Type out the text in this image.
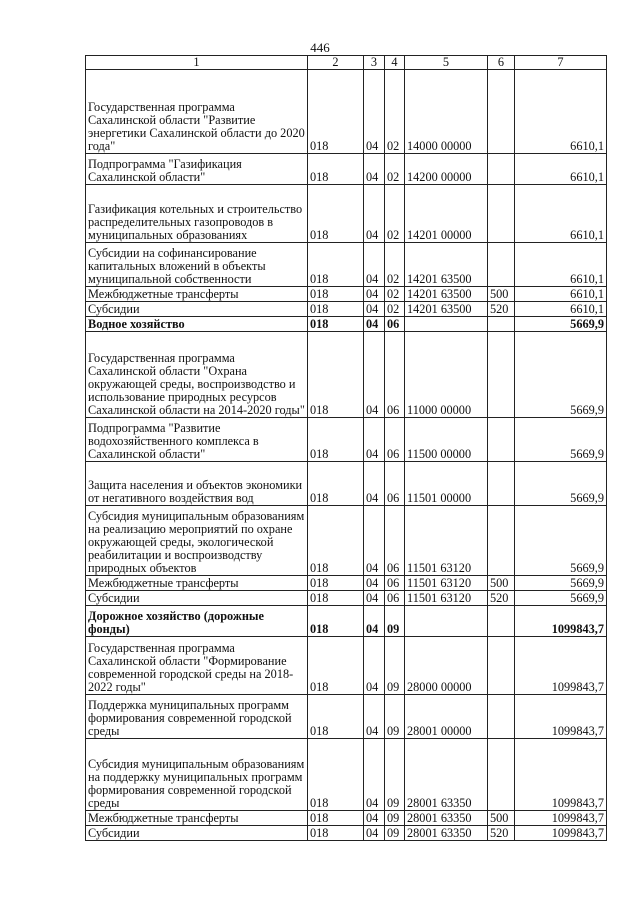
446
1	2	3	4	5	6	7
Государственная программа Сахалинской области "Развитие энергетики Сахалинской области до 2020 года"	018	04	02	14000 00000		6610,1
Подпрограмма "Газификация Сахалинской области"	018	04	02	14200 00000		6610,1
Газификация котельных и строительство распределительных газопроводов в муниципальных образованиях	018	04	02	14201 00000		6610,1
Субсидии на софинансирование капитальных вложений в объекты муниципальной собственности	018	04	02	14201 63500		6610,1
Межбюджетные трансферты	018	04	02	14201 63500	500	6610,1
Субсидии	018	04	02	14201 63500	520	6610,1
Водное хозяйство	018	04	06			5669,9
Государственная программа Сахалинской области "Охрана окружающей среды, воспроизводство и использование природных ресурсов Сахалинской области на 2014-2020 годы"	018	04	06	11000 00000		5669,9
Подпрограмма "Развитие водохозяйственного комплекса в Сахалинской области"	018	04	06	11500 00000		5669,9
Защита населения и объектов экономики от негативного воздействия вод	018	04	06	11501 00000		5669,9
Субсидия муниципальным образованиям на реализацию мероприятий по охране окружающей среды, экологической реабилитации и воспроизводству природных объектов	018	04	06	11501 63120		5669,9
Межбюджетные трансферты	018	04	06	11501 63120	500	5669,9
Субсидии	018	04	06	11501 63120	520	5669,9
Дорожное хозяйство (дорожные фонды)	018	04	09			1099843,7
Государственная программа Сахалинской области "Формирование современной городской среды на 2018-2022 годы"	018	04	09	28000 00000		1099843,7
Поддержка муниципальных программ формирования современной городской среды	018	04	09	28001 00000		1099843,7
Субсидия муниципальным образованиям на поддержку муниципальных программ формирования современной городской среды	018	04	09	28001 63350		1099843,7
Межбюджетные трансферты	018	04	09	28001 63350	500	1099843,7
Субсидии	018	04	09	28001 63350	520	1099843,7
